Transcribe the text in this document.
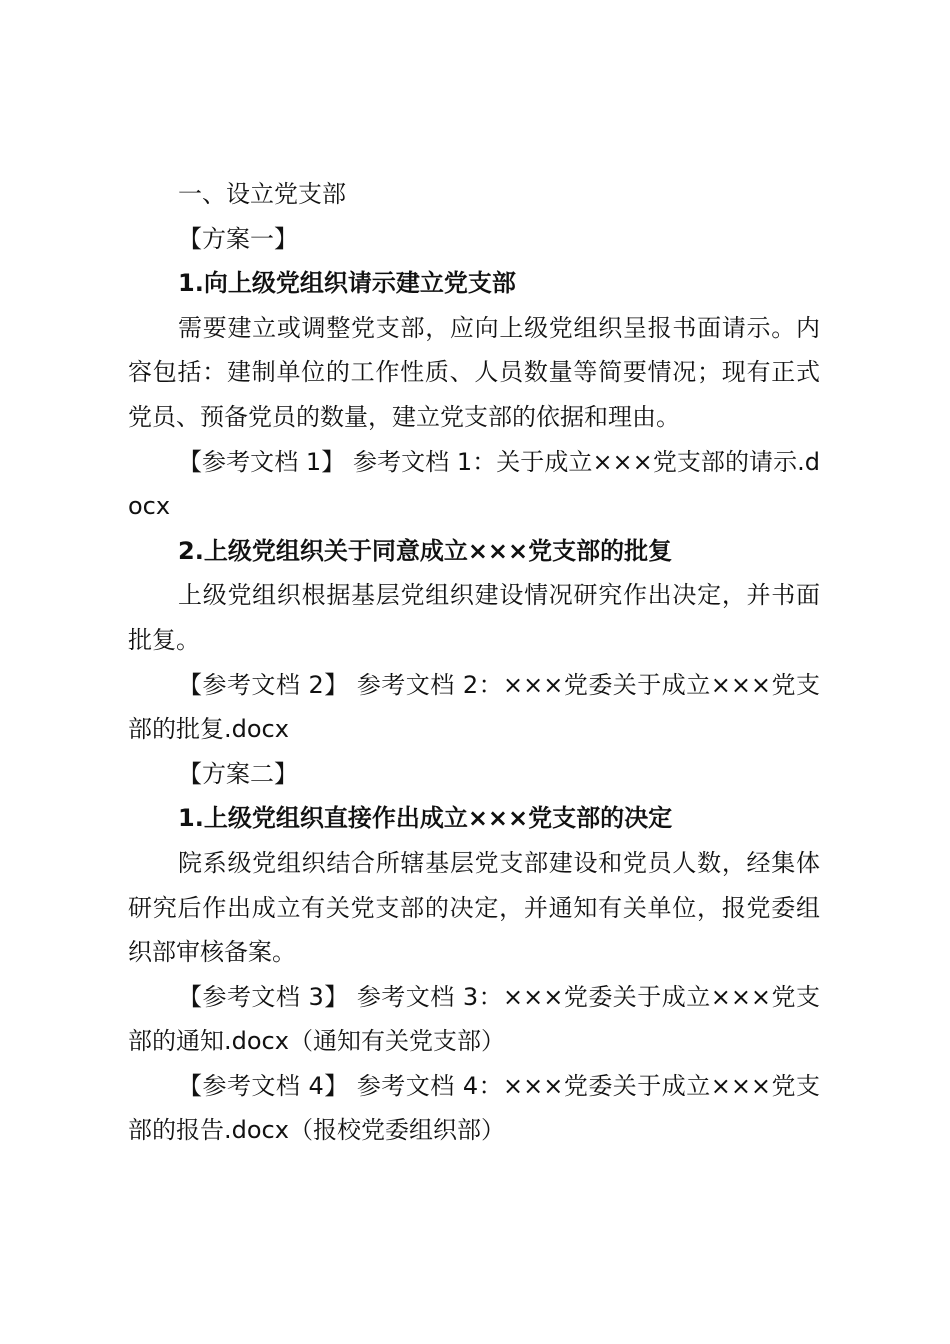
一、设立党支部

【方案一】

1.向上级党组织请示建立党支部

需要建立或调整党支部，应向上级党组织呈报书面请示。内容包括：建制单位的工作性质、人员数量等简要情况；现有正式党员、预备党员的数量，建立党支部的依据和理由。

【参考文档 1】 参考文档 1：关于成立×××党支部的请示.docx

2.上级党组织关于同意成立×××党支部的批复

上级党组织根据基层党组织建设情况研究作出决定，并书面批复。

【参考文档 2】 参考文档 2：×××党委关于成立×××党支部的批复.docx

【方案二】

1.上级党组织直接作出成立×××党支部的决定

院系级党组织结合所辖基层党支部建设和党员人数，经集体研究后作出成立有关党支部的决定，并通知有关单位，报党委组织部审核备案。

【参考文档 3】 参考文档 3：×××党委关于成立×××党支部的通知.docx（通知有关党支部）

【参考文档 4】 参考文档 4：×××党委关于成立×××党支部的报告.docx（报校党委组织部）
